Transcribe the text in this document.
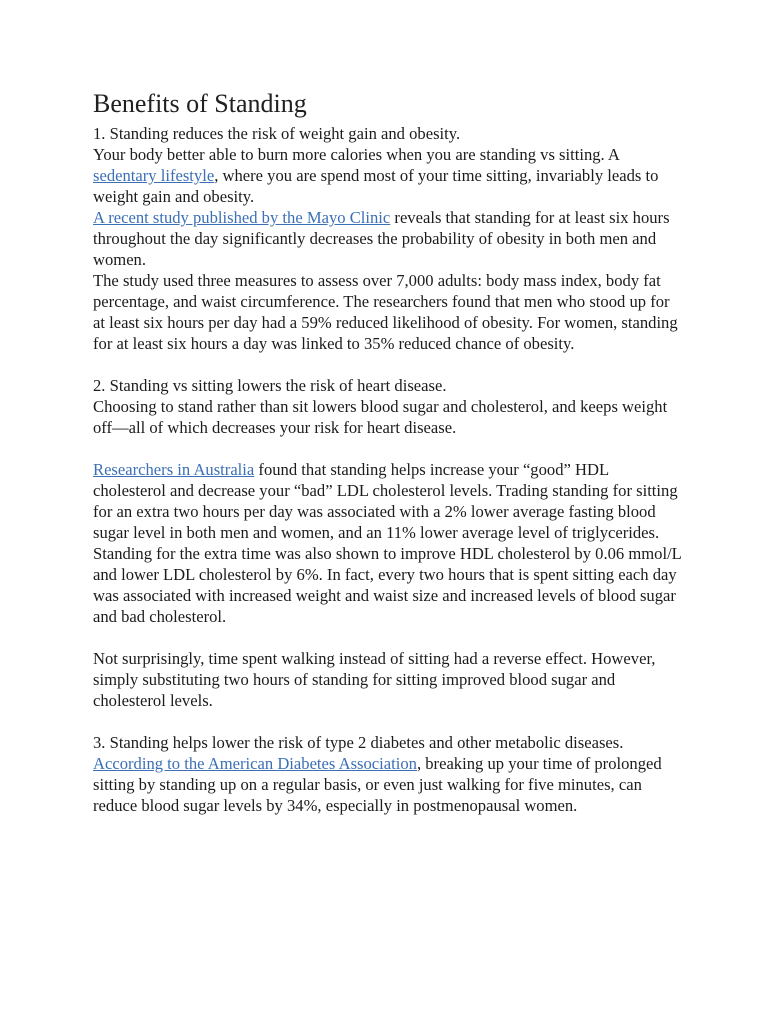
Benefits of Standing

1. Standing reduces the risk of weight gain and obesity.

Your body better able to burn more calories when you are standing vs sitting. A sedentary lifestyle, where you are spend most of your time sitting, invariably leads to weight gain and obesity.

A recent study published by the Mayo Clinic reveals that standing for at least six hours throughout the day significantly decreases the probability of obesity in both men and women.

The study used three measures to assess over 7,000 adults: body mass index, body fat percentage, and waist circumference. The researchers found that men who stood up for at least six hours per day had a 59% reduced likelihood of obesity. For women, standing for at least six hours a day was linked to 35% reduced chance of obesity.

2. Standing vs sitting lowers the risk of heart disease.

Choosing to stand rather than sit lowers blood sugar and cholesterol, and keeps weight off—all of which decreases your risk for heart disease.

Researchers in Australia found that standing helps increase your “good” HDL cholesterol and decrease your “bad” LDL cholesterol levels. Trading standing for sitting for an extra two hours per day was associated with a 2% lower average fasting blood sugar level in both men and women, and an 11% lower average level of triglycerides.

Standing for the extra time was also shown to improve HDL cholesterol by 0.06 mmol/L and lower LDL cholesterol by 6%. In fact, every two hours that is spent sitting each day was associated with increased weight and waist size and increased levels of blood sugar and bad cholesterol.

Not surprisingly, time spent walking instead of sitting had a reverse effect. However, simply substituting two hours of standing for sitting improved blood sugar and cholesterol levels.

3. Standing helps lower the risk of type 2 diabetes and other metabolic diseases.

According to the American Diabetes Association, breaking up your time of prolonged sitting by standing up on a regular basis, or even just walking for five minutes, can reduce blood sugar levels by 34%, especially in postmenopausal women.
